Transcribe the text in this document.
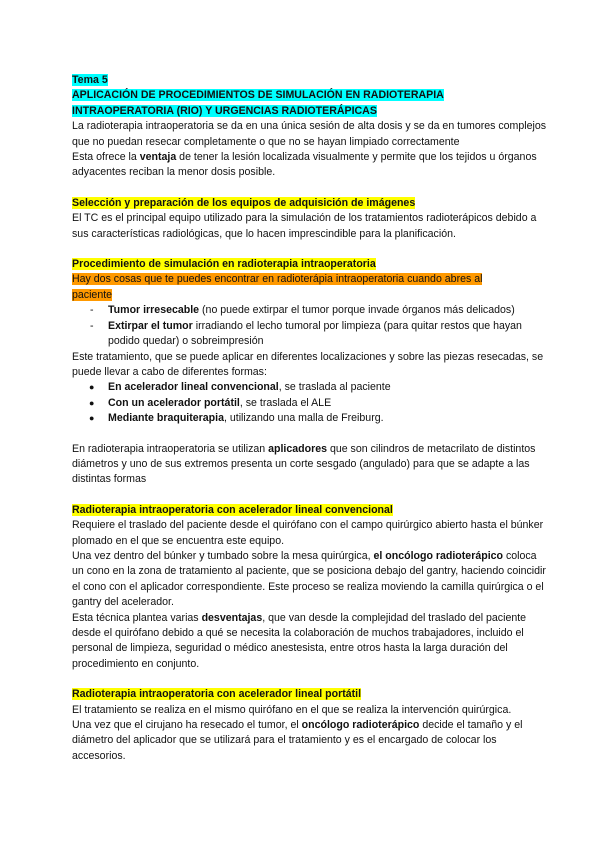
Tema 5

APLICACIÓN DE PROCEDIMIENTOS DE SIMULACIÓN EN RADIOTERAPIA

INTRAOPERATORIA (RIO) Y URGENCIAS RADIOTERÁPICAS

La radioterapia intraoperatoria se da en una única sesión de alta dosis y se da en tumores complejos que no puedan resecar completamente o que no se hayan limpiado correctamente

Esta ofrece la ventaja de tener la lesión localizada visualmente y permite que los tejidos u órganos adyacentes reciban la menor dosis posible.

Selección y preparación de los equipos de adquisición de imágenes

El TC es el principal equipo utilizado para la simulación de los tratamientos radioterápicos debido a sus características radiológicas, que lo hacen imprescindible para la planificación.

Procedimiento de simulación en radioterapia intraoperatoria

Hay dos cosas que te puedes encontrar en radioterápia intraoperatoria cuando abres al
paciente

- Tumor irresecable (no puede extirpar el tumor porque invade órganos más delicados)
- Extirpar el tumor irradiando el lecho tumoral por limpieza (para quitar restos que hayan podido quedar) o sobreimpresión

Este tratamiento, que se puede aplicar en diferentes localizaciones y sobre las piezas resecadas, se puede llevar a cabo de diferentes formas:

● En acelerador lineal convencional, se traslada al paciente
● Con un acelerador portátil, se traslada el ALE
● Mediante braquiterapia, utilizando una malla de Freiburg.

En radioterapia intraoperatoria se utilizan aplicadores que son cilindros de metacrilato de distintos diámetros y uno de sus extremos presenta un corte sesgado (angulado) para que se adapte a las distintas formas

Radioterapia intraoperatoria con acelerador lineal convencional

Requiere el traslado del paciente desde el quirófano con el campo quirúrgico abierto hasta el búnker plomado en el que se encuentra este equipo.

Una vez dentro del búnker y tumbado sobre la mesa quirúrgica, el oncólogo radioterápico coloca un cono en la zona de tratamiento al paciente, que se posiciona debajo del gantry, haciendo coincidir el cono con el aplicador correspondiente. Este proceso se realiza moviendo la camilla quirúrgica o el gantry del acelerador.

Esta técnica plantea varias desventajas, que van desde la complejidad del traslado del paciente desde el quirófano debido a qué se necesita la colaboración de muchos trabajadores, incluido el personal de limpieza, seguridad o médico anestesista, entre otros hasta la larga duración del procedimiento en conjunto.

Radioterapia intraoperatoria con acelerador lineal portátil

El tratamiento se realiza en el mismo quirófano en el que se realiza la intervención quirúrgica.

Una vez que el cirujano ha resecado el tumor, el oncólogo radioterápico decide el tamaño y el diámetro del aplicador que se utilizará para el tratamiento y es el encargado de colocar los accesorios.
